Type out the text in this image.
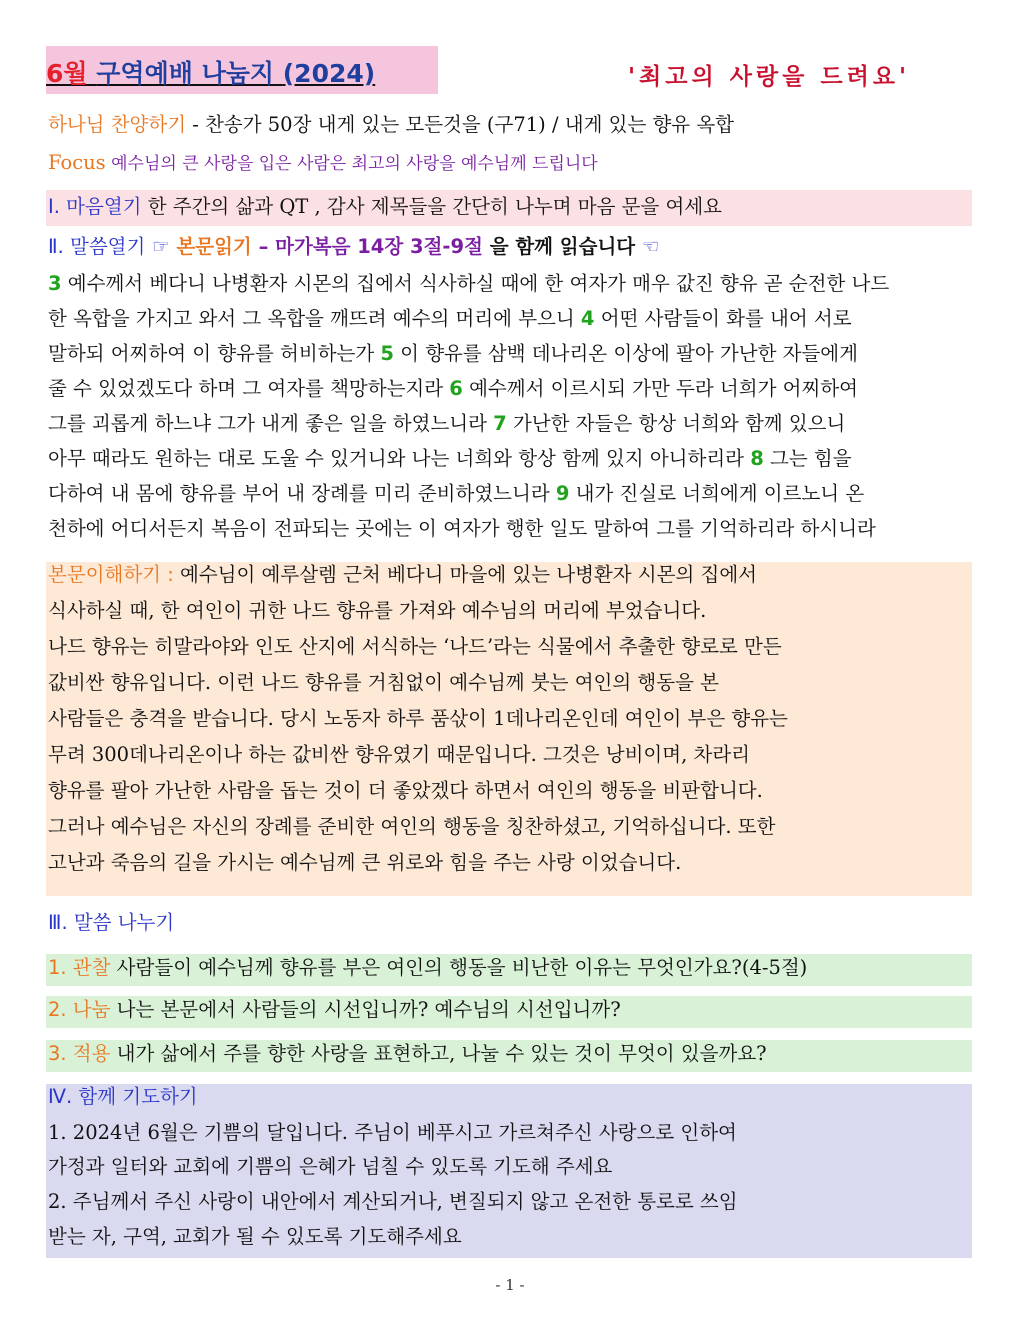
6월 구역예배 나눔지 (2024)	'최고의 사랑을 드려요'
하나님 찬양하기 - 찬송가 50장 내게 있는 모든것을 (구71) / 내게 있는 향유 옥합
Focus 예수님의 큰 사랑을 입은 사람은 최고의 사랑을 예수님께 드립니다
Ⅰ. 마음열기 한 주간의 삶과 QT , 감사 제목들을 간단히 나누며 마음 문을 여세요
Ⅱ. 말씀열기 ☞ 본문읽기 – 마가복음 14장 3절-9절 을 함께 읽습니다 ☜
3 예수께서 베다니 나병환자 시몬의 집에서 식사하실 때에 한 여자가 매우 값진 향유 곧 순전한 나드
한 옥합을 가지고 와서 그 옥합을 깨뜨려 예수의 머리에 부으니 4 어떤 사람들이 화를 내어 서로
말하되 어찌하여 이 향유를 허비하는가 5 이 향유를 삼백 데나리온 이상에 팔아 가난한 자들에게
줄 수 있었겠도다 하며 그 여자를 책망하는지라 6 예수께서 이르시되 가만 두라 너희가 어찌하여
그를 괴롭게 하느냐 그가 내게 좋은 일을 하였느니라 7 가난한 자들은 항상 너희와 함께 있으니
아무 때라도 원하는 대로 도울 수 있거니와 나는 너희와 항상 함께 있지 아니하리라 8 그는 힘을
다하여 내 몸에 향유를 부어 내 장례를 미리 준비하였느니라 9 내가 진실로 너희에게 이르노니 온
천하에 어디서든지 복음이 전파되는 곳에는 이 여자가 행한 일도 말하여 그를 기억하리라 하시니라
본문이해하기 : 예수님이 예루살렘 근처 베다니 마을에 있는 나병환자 시몬의 집에서
식사하실 때, 한 여인이 귀한 나드 향유를 가져와 예수님의 머리에 부었습니다.
나드 향유는 히말라야와 인도 산지에 서식하는 ‘나드’라는 식물에서 추출한 향로로 만든
값비싼 향유입니다. 이런 나드 향유를 거침없이 예수님께 붓는 여인의 행동을 본
사람들은 충격을 받습니다. 당시 노동자 하루 품삯이 1데나리온인데 여인이 부은 향유는
무려 300데나리온이나 하는 값비싼 향유였기 때문입니다. 그것은 낭비이며, 차라리
향유를 팔아 가난한 사람을 돕는 것이 더 좋았겠다 하면서 여인의 행동을 비판합니다.
그러나 예수님은 자신의 장례를 준비한 여인의 행동을 칭찬하셨고, 기억하십니다. 또한
고난과 죽음의 길을 가시는 예수님께 큰 위로와 힘을 주는 사랑 이었습니다.
Ⅲ. 말씀 나누기
1. 관찰 사람들이 예수님께 향유를 부은 여인의 행동을 비난한 이유는 무엇인가요?(4-5절)
2. 나눔 나는 본문에서 사람들의 시선입니까? 예수님의 시선입니까?
3. 적용 내가 삶에서 주를 향한 사랑을 표현하고, 나눌 수 있는 것이 무엇이 있을까요?
Ⅳ. 함께 기도하기
1. 2024년 6월은 기쁨의 달입니다. 주님이 베푸시고 가르쳐주신 사랑으로 인하여
가정과 일터와 교회에 기쁨의 은혜가 넘칠 수 있도록 기도해 주세요
2. 주님께서 주신 사랑이 내안에서 계산되거나, 변질되지 않고 온전한 통로로 쓰임
받는 자, 구역, 교회가 될 수 있도록 기도해주세요
- 1 -
